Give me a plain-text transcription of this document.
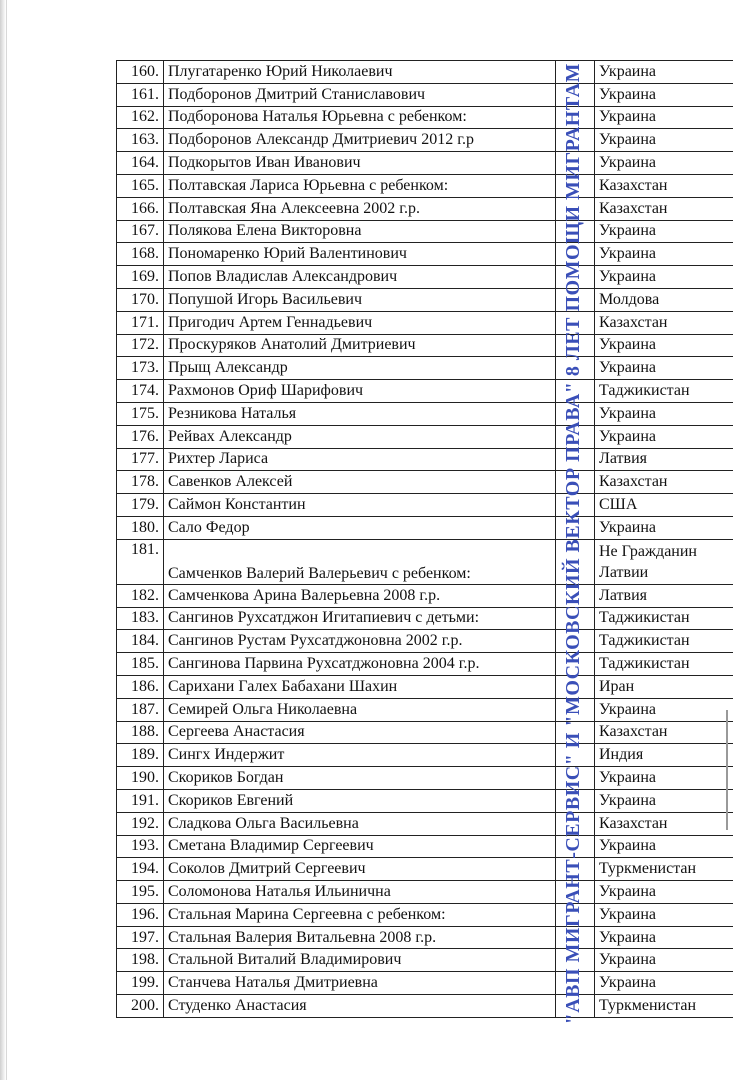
160.	Плугатаренко Юрий Николаевич		Украина
161.	Подборонов Дмитрий Станиславович		Украина
162.	Подборонова Наталья Юрьевна с ребенком:		Украина
163.	Подборонов Александр Дмитриевич 2012 г.р		Украина
164.	Подкорытов Иван Иванович		Украина
165.	Полтавская Лариса Юрьевна с ребенком:		Казахстан
166.	Полтавская Яна Алексеевна 2002 г.р.		Казахстан
167.	Полякова Елена Викторовна		Украина
168.	Пономаренко Юрий Валентинович		Украина
169.	Попов Владислав Александрович		Украина
170.	Попушой Игорь Васильевич		Молдова
171.	Пригодич Артем Геннадьевич		Казахстан
172.	Проскуряков Анатолий Дмитриевич		Украина
173.	Прыщ Александр		Украина
174.	Рахмонов Ориф Шарифович		Таджикистан
175.	Резникова Наталья		Украина
176.	Рейвах Александр		Украина
177.	Рихтер Лариса		Латвия
178.	Савенков Алексей		Казахстан
179.	Саймон Константин		США
180.	Сало Федор		Украина
181.	Самченков Валерий Валерьевич с ребенком:		Не Гражданин Латвии
182.	Самченкова Арина Валерьевна 2008 г.р.		Латвия
183.	Сангинов Рухсатджон Игитапиевич с детьми:		Таджикистан
184.	Сангинов Рустам Рухсатджоновна 2002 г.р.		Таджикистан
185.	Сангинова Парвина Рухсатджоновна 2004 г.р.		Таджикистан
186.	Сарихани Галех Бабахани Шахин		Иран
187.	Семирей Ольга Николаевна		Украина
188.	Сергеева Анастасия		Казахстан
189.	Сингх Индержит		Индия
190.	Скориков Богдан		Украина
191.	Скориков Евгений		Украина
192.	Сладкова Ольга Васильевна		Казахстан
193.	Сметана Владимир Сергеевич		Украина
194.	Соколов Дмитрий Сергеевич		Туркменистан
195.	Соломонова Наталья Ильинична		Украина
196.	Стальная Марина Сергеевна с ребенком:		Украина
197.	Стальная Валерия Витальевна 2008 г.р.		Украина
198.	Стальной Виталий Владимирович		Украина
199.	Станчева Наталья Дмитриевна		Украина
200.	Студенко Анастасия		Туркменистан
"АВП МИГРАНТ-СЕРВИС" И "МОСКОВСКИЙ ВЕКТОР ПРАВА" 8 ЛЕТ ПОМОЩИ МИГРАНТАМ
